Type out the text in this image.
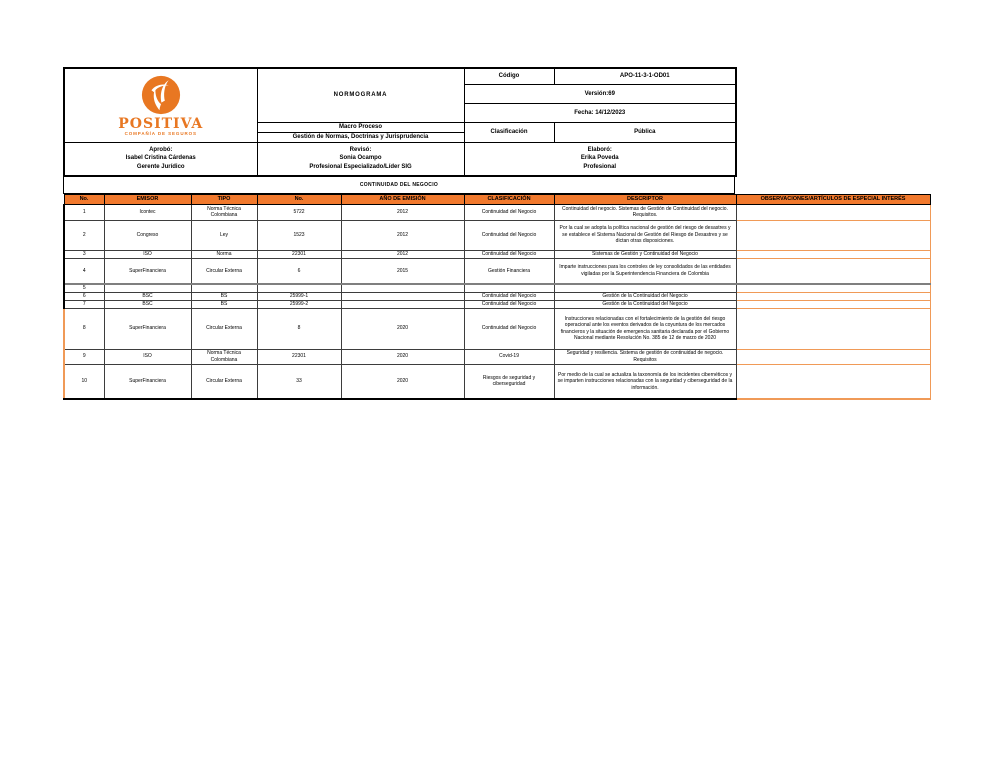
POSITIVA
COMPAÑÍA DE SEGUROS	NORMOGRAMA	Código	APO-11-3-1-OD01
		Versión:69	
		Fecha: 14/12/2023	
	Macro Proceso	Clasificación	Pública
	Gestión de Normas, Doctrinas y Jurisprudencia		

Aprobó:
Isabel Cristina Cárdenas
Gerente Jurídico

Revisó:
Sonia Ocampo
Profesional Especializado/Líder SIG

Elaboró:
Erika Poveda
Profesional
CONTINUIDAD DEL NEGOCIO
No.	EMISOR	TIPO	No.	AÑO DE EMISIÓN	CLASIFICACIÓN	DESCRIPTOR	OBSERVACIONES/ARTÍCULOS DE ESPECIAL INTERÉS
1	Icontec	Norma Técnica Colombiana	5722	2012	Continuidad del Negocio	Continuidad del negocio. Sistemas de Gestión de Continuidad del negocio. Requisitos.	
2	Congreso	Ley	1523	2012	Continuidad del Negocio	Por la cual se adopta la política nacional de gestión del riesgo de desastres y se establece el Sistema Nacional de Gestión del Riesgo de Desastres y se dictan otras disposiciones.	
3	ISO	Norma	22301	2012	Continuidad del Negocio	Sistemas de Gestión y Continuidad del Negocio	
4	SuperFinanciera	Circular Externa	6	2015	Gestión Financiera	Imparte instrucciones para los controles de ley consolidados de las entidades vigiladas por la Superintendencia Financiera de Colombia	
5							
6	BSC	BS	25999-1		Continuidad del Negocio	Gestión de la Continuidad del Negocio	
7	BSC	BS	25999-2		Continuidad del Negocio	Gestión de la Continuidad del Negocio	
8	SuperFinanciera	Circular Externa	8	2020	Continuidad del Negocio	Instrucciones relacionadas con el fortalecimiento de la gestión del riesgo operacional ante los eventos derivados de la coyuntura de los mercados financieros y la situación de emergencia sanitaria declarada por el Gobierno Nacional mediante Resolución No. 385 de 12 de marzo de 2020	
9	ISO	Norma Técnica Colombiana	22301	2020	Covid-19	Seguridad y resiliencia. Sistema de gestión de continuidad de negocio. Requisitos	
10	SuperFinanciera	Circular Externa	33	2020	Riesgos de seguridad y ciberseguridad	Por medio de la cual se actualiza la taxonomía de los incidentes cibernéticos y se imparten instrucciones relacionadas con la seguridad y ciberseguridad de la información.	
